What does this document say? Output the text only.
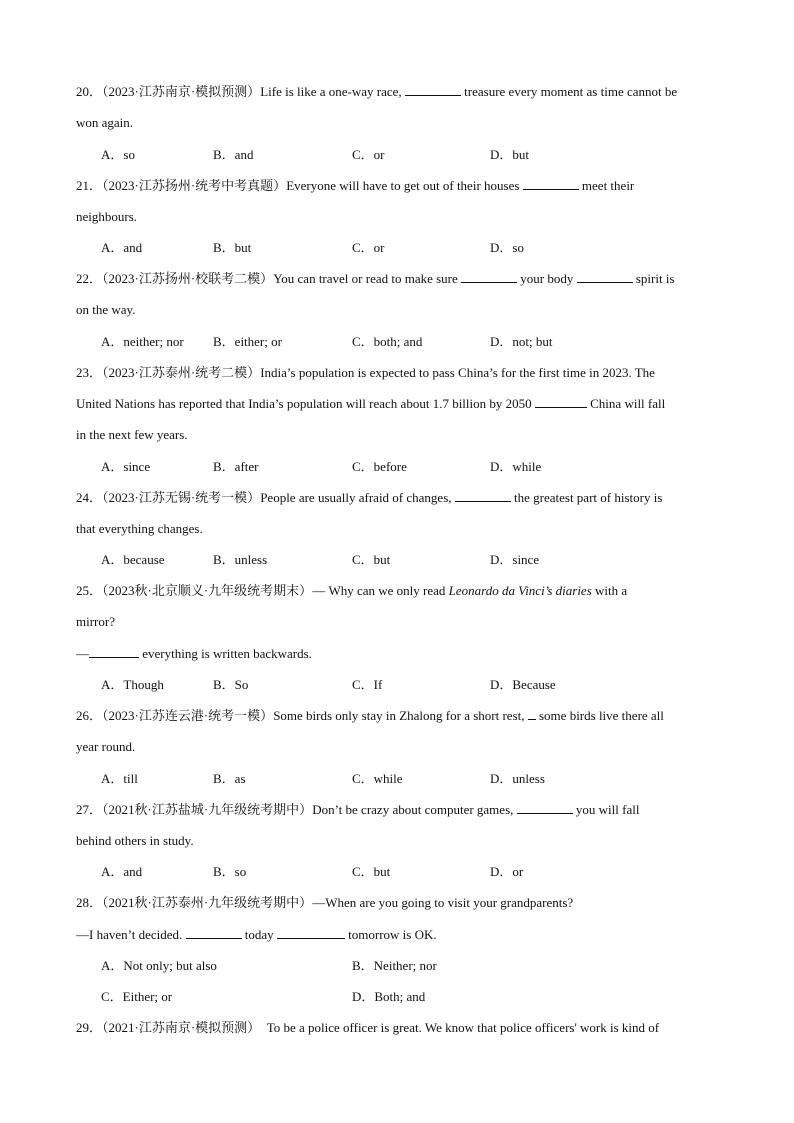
20．（2023·江苏南京·模拟预测）Life is like a one-way race,	treasure every moment as time cannot be
won again.
A．so	B．and	C．or	D．but
21．（2023·江苏扬州·统考中考真题）Everyone will have to get out of their houses	meet their
neighbours.
A．and	B．but	C．or	D．so
22．（2023·江苏扬州·校联考二模）You can travel or read to make sure	your body	spirit is
on the way.
A．neither; nor B．either; or	C．both; and	D．not; but
23．（2023·江苏泰州·统考二模）India’s population is expected to pass China’s for the first time in 2023. The
United Nations has reported that India’s population will reach about 1.7 billion by 2050	China will fall
in the next few years.
A．since	B．after	C．before	D．while
24．（2023·江苏无锡·统考一模）People are usually afraid of changes,	the greatest part of history is
that everything changes.
A．because	B．unless	C．but	D．since
25．（2023秋·北京顺义·九年级统考期末）— Why can we only read Leonardo da Vinci’s diaries with a
mirror?
—	everything is written backwards.
A．Though	B．So	C．If	D．Because
26．（2023·江苏连云港·统考一模）Some birds only stay in Zhalong for a short rest,  some birds live there all
year round.
A．till	B．as	C．while	D．unless
27．（2021秋·江苏盐城·九年级统考期中）Don’t be crazy about computer games,	you will fall
behind others in study.
A．and	B．so	C．but	D．or
28．（2021秋·江苏泰州·九年级统考期中）—When are you going to visit your grandparents?
—I haven’t decided.	today	tomorrow is OK.
A．Not only; but also	B．Neither; nor
C．Either; or	D．Both; and
29．（2021·江苏南京·模拟预测）  To be a police officer is great. We know that police officers' work is kind of
